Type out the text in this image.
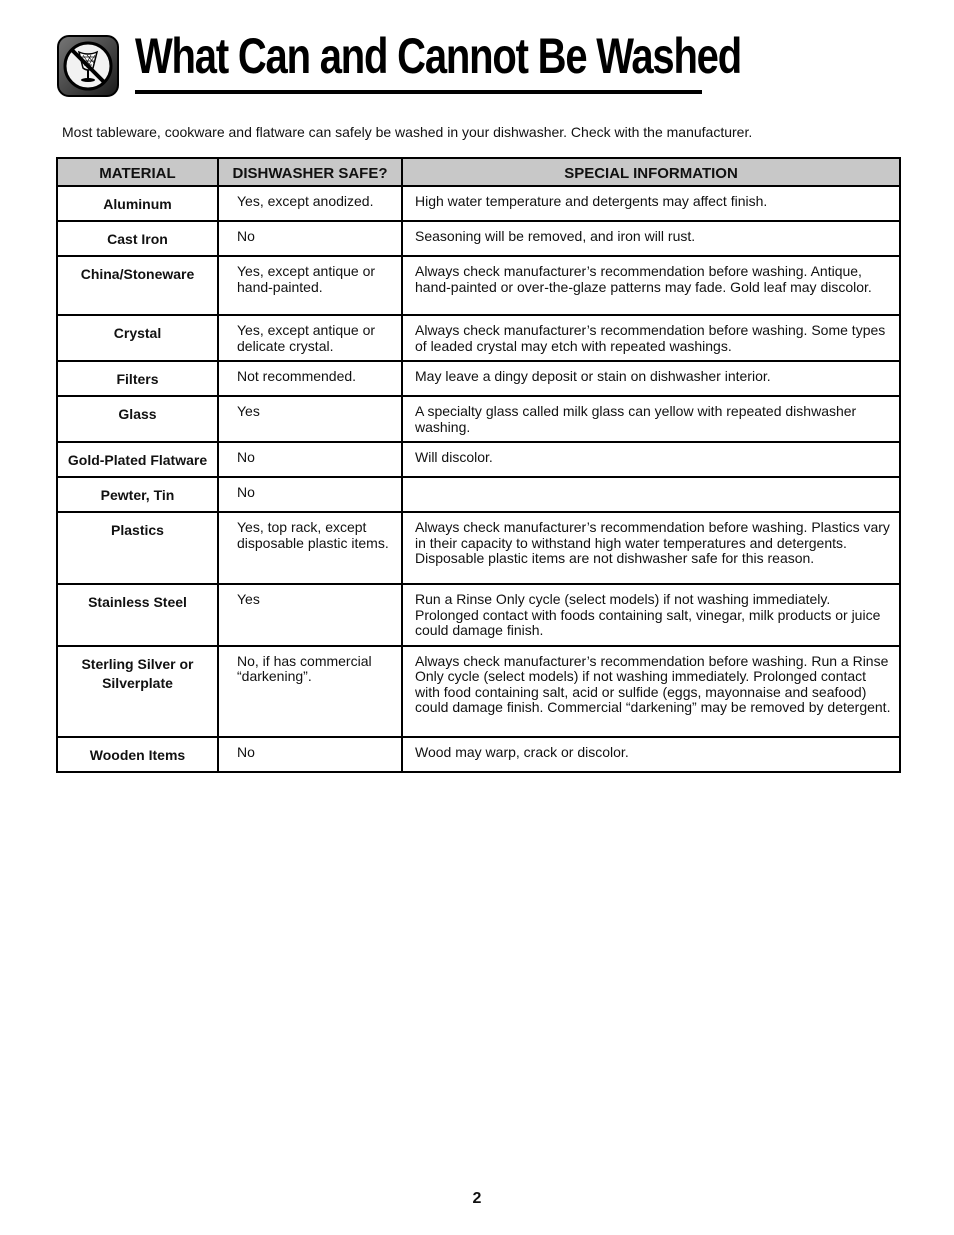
What Can and Cannot Be Washed

Most tableware, cookware and flatware can safely be washed in your dishwasher. Check with the manufacturer.

MATERIAL	DISHWASHER SAFE?	SPECIAL INFORMATION
Aluminum	Yes, except anodized.	High water temperature and detergents may affect finish.
Cast Iron	No	Seasoning will be removed, and iron will rust.
China/Stoneware	Yes, except antique or hand-painted.	Always check manufacturer’s recommendation before washing. Antique, hand-painted or over-the-glaze patterns may fade. Gold leaf may discolor.
Crystal	Yes, except antique or delicate crystal.	Always check manufacturer’s recommendation before washing. Some types of leaded crystal may etch with repeated washings.
Filters	Not recommended.	May leave a dingy deposit or stain on dishwasher interior.
Glass	Yes	A specialty glass called milk glass can yellow with repeated dishwasher washing.
Gold-Plated Flatware	No	Will discolor.
Pewter, Tin	No	
Plastics	Yes, top rack, except disposable plastic items.	Always check manufacturer’s recommendation before washing. Plastics vary in their capacity to withstand high water temperatures and detergents. Disposable plastic items are not dishwasher safe for this reason.
Stainless Steel	Yes	Run a Rinse Only cycle (select models) if not washing immediately. Prolonged contact with foods containing salt, vinegar, milk products or juice could damage finish.
Sterling Silver or Silverplate	No, if has commercial “darkening”.	Always check manufacturer’s recommendation before washing. Run a Rinse Only cycle (select models) if not washing immediately. Prolonged contact with food containing salt, acid or sulfide (eggs, mayonnaise and seafood) could damage finish. Commercial “darkening” may be removed by detergent.
Wooden Items	No	Wood may warp, crack or discolor.
2
